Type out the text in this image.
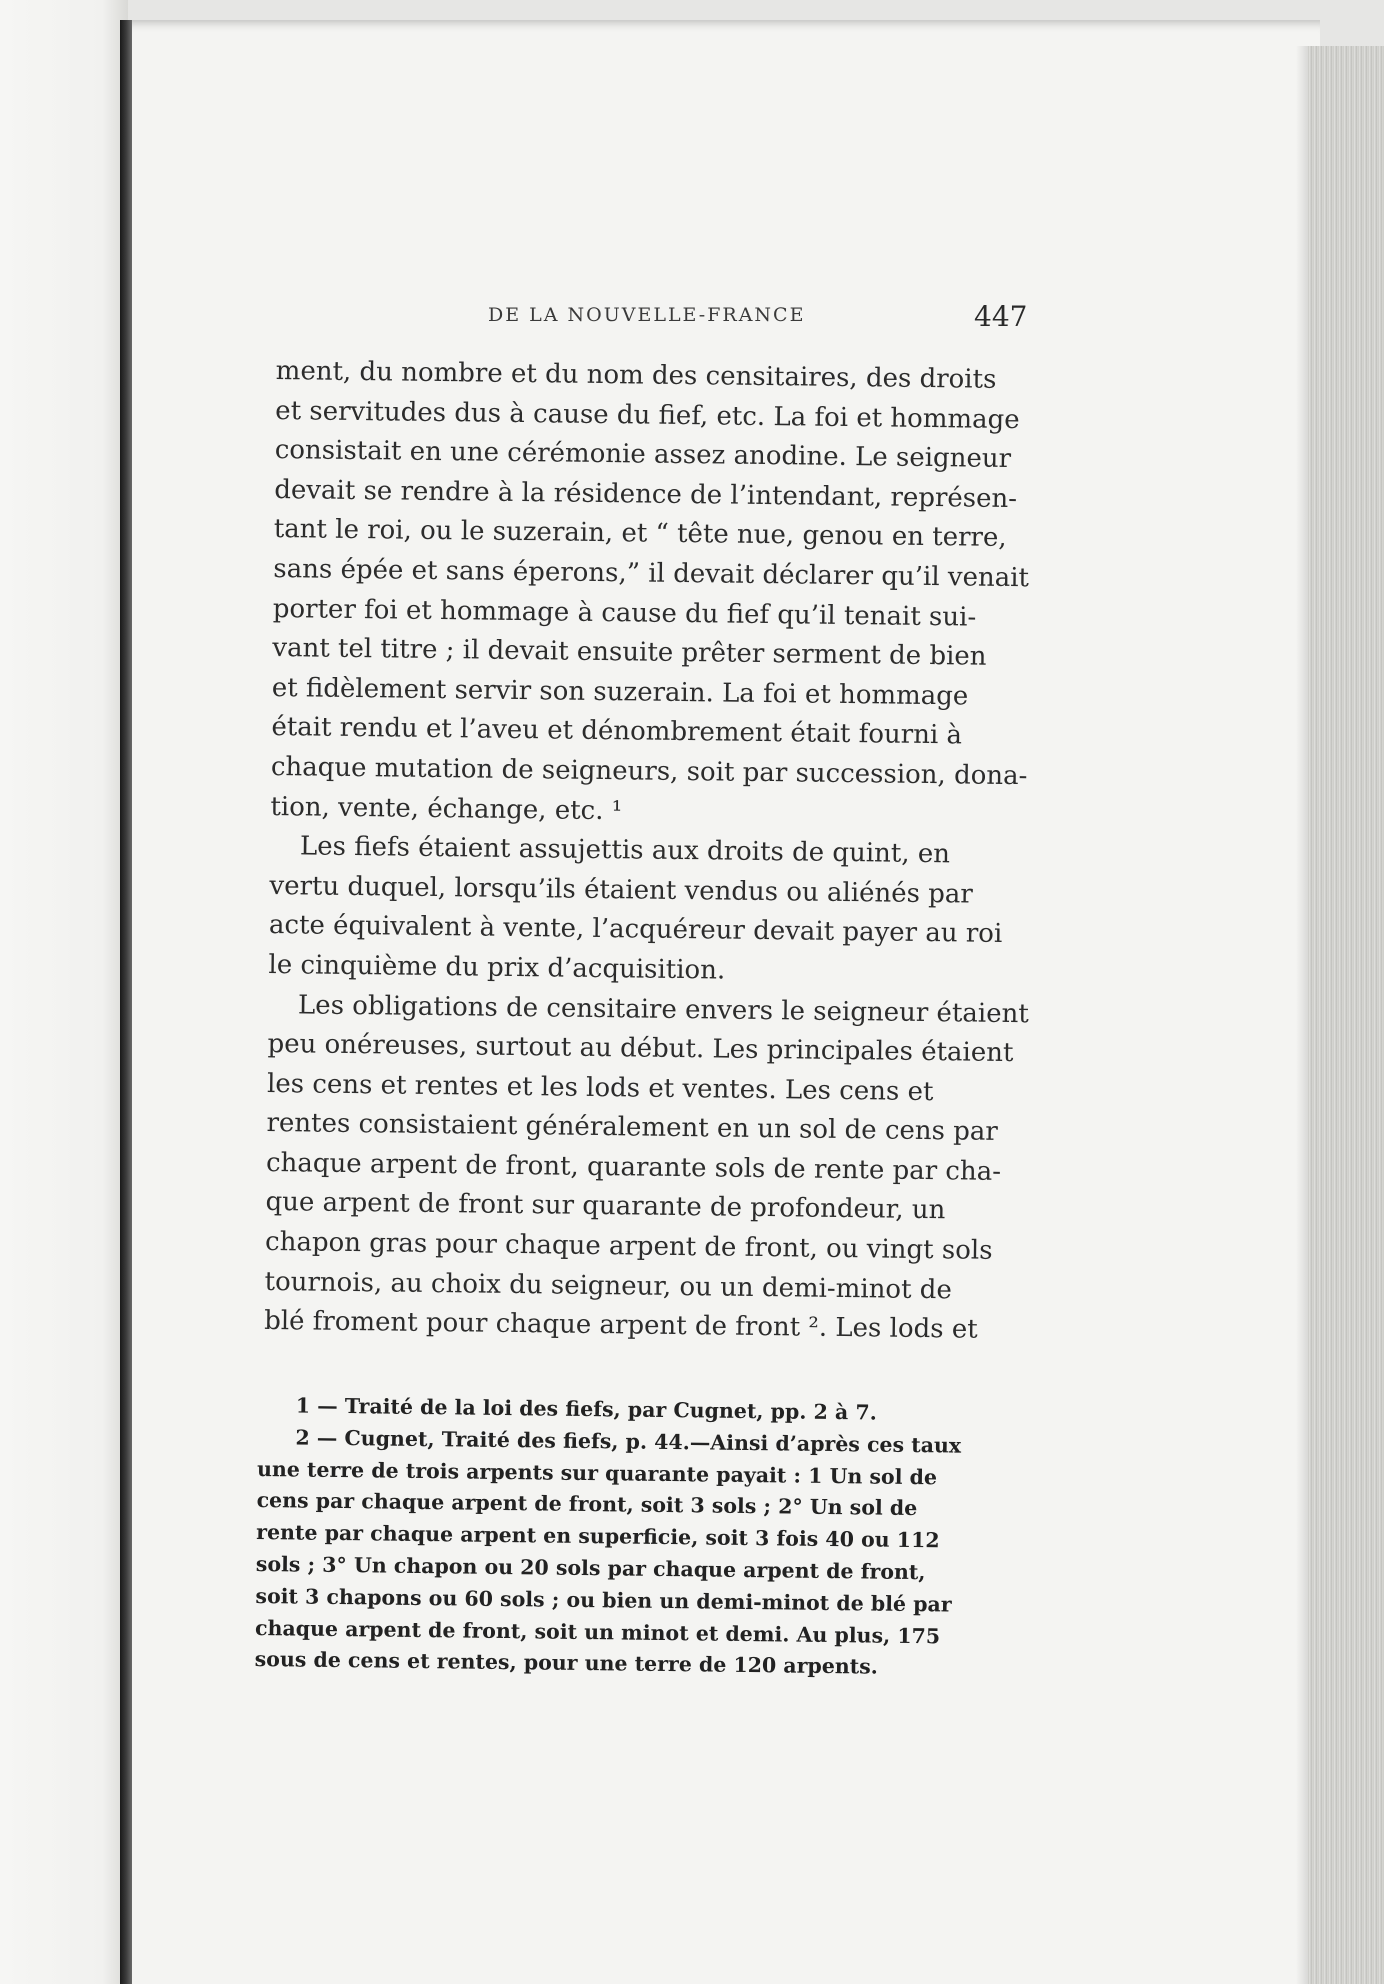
DE LA NOUVELLE-FRANCE	447
ment, du nombre et du nom des censitaires, des droits
et servitudes dus à cause du fief, etc. La foi et hommage
consistait en une cérémonie assez anodine. Le seigneur
devait se rendre à la résidence de l’intendant, représen-
tant le roi, ou le suzerain, et “ tête nue, genou en terre,
sans épée et sans éperons,” il devait déclarer qu’il venait
porter foi et hommage à cause du fief qu’il tenait sui-
vant tel titre ; il devait ensuite prêter serment de bien
et fidèlement servir son suzerain. La foi et hommage
était rendu et l’aveu et dénombrement était fourni à
chaque mutation de seigneurs, soit par succession, dona-
tion, vente, échange, etc. ¹
Les fiefs étaient assujettis aux droits de quint, en
vertu duquel, lorsqu’ils étaient vendus ou aliénés par
acte équivalent à vente, l’acquéreur devait payer au roi
le cinquième du prix d’acquisition.
Les obligations de censitaire envers le seigneur étaient
peu onéreuses, surtout au début. Les principales étaient
les cens et rentes et les lods et ventes. Les cens et
rentes consistaient généralement en un sol de cens par
chaque arpent de front, quarante sols de rente par cha-
que arpent de front sur quarante de profondeur, un
chapon gras pour chaque arpent de front, ou vingt sols
tournois, au choix du seigneur, ou un demi-minot de
blé froment pour chaque arpent de front ². Les lods et
1 — Traité de la loi des fiefs, par Cugnet, pp. 2 à 7.
2 — Cugnet, Traité des fiefs, p. 44.—Ainsi d’après ces taux
une terre de trois arpents sur quarante payait : 1 Un sol de
cens par chaque arpent de front, soit 3 sols ; 2° Un sol de
rente par chaque arpent en superficie, soit 3 fois 40 ou 112
sols ; 3° Un chapon ou 20 sols par chaque arpent de front,
soit 3 chapons ou 60 sols ; ou bien un demi-minot de blé par
chaque arpent de front, soit un minot et demi. Au plus, 175
sous de cens et rentes, pour une terre de 120 arpents.
